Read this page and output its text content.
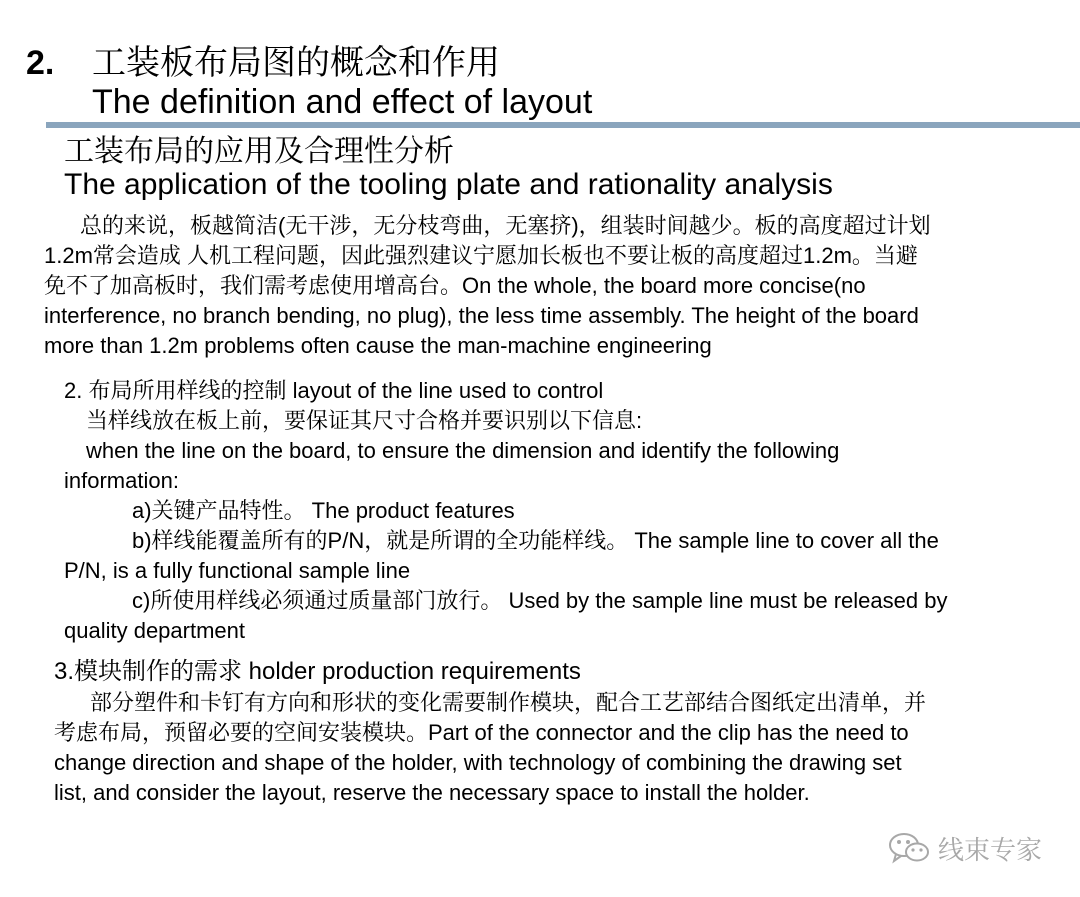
2. 工装板布局图的概念和作用
The definition and effect of layout
工装布局的应用及合理性分析
The application of the tooling plate and rationality analysis
总的来说，板越简洁(无干涉，无分枝弯曲，无塞挤)，组装时间越少。板的高度超过计划
1.2m常会造成 人机工程问题，因此强烈建议宁愿加长板也不要让板的高度超过1.2m。当避
免不了加高板时，我们需考虑使用增高台。On the whole, the board more concise(no
interference, no branch bending, no plug), the less time assembly. The height of the board
more than 1.2m problems often cause the man-machine engineering
2. 布局所用样线的控制 layout of the line used to control
当样线放在板上前，要保证其尺寸合格并要识别以下信息:
when the line on the board, to ensure the dimension and identify the following
information:
a)关键产品特性。 The product features
b)样线能覆盖所有的P/N，就是所谓的全功能样线。 The sample line to cover all the
P/N, is a fully functional sample line
c)所使用样线必须通过质量部门放行。 Used by the sample line must be released by
quality department
3.模块制作的需求 holder production requirements
部分塑件和卡钉有方向和形状的变化需要制作模块，配合工艺部结合图纸定出清单，并
考虑布局，预留必要的空间安装模块。Part of the connector and the clip has the need to
change direction and shape of the holder, with technology of combining the drawing set
list, and consider the layout, reserve the necessary space to install the holder.
线束专家
